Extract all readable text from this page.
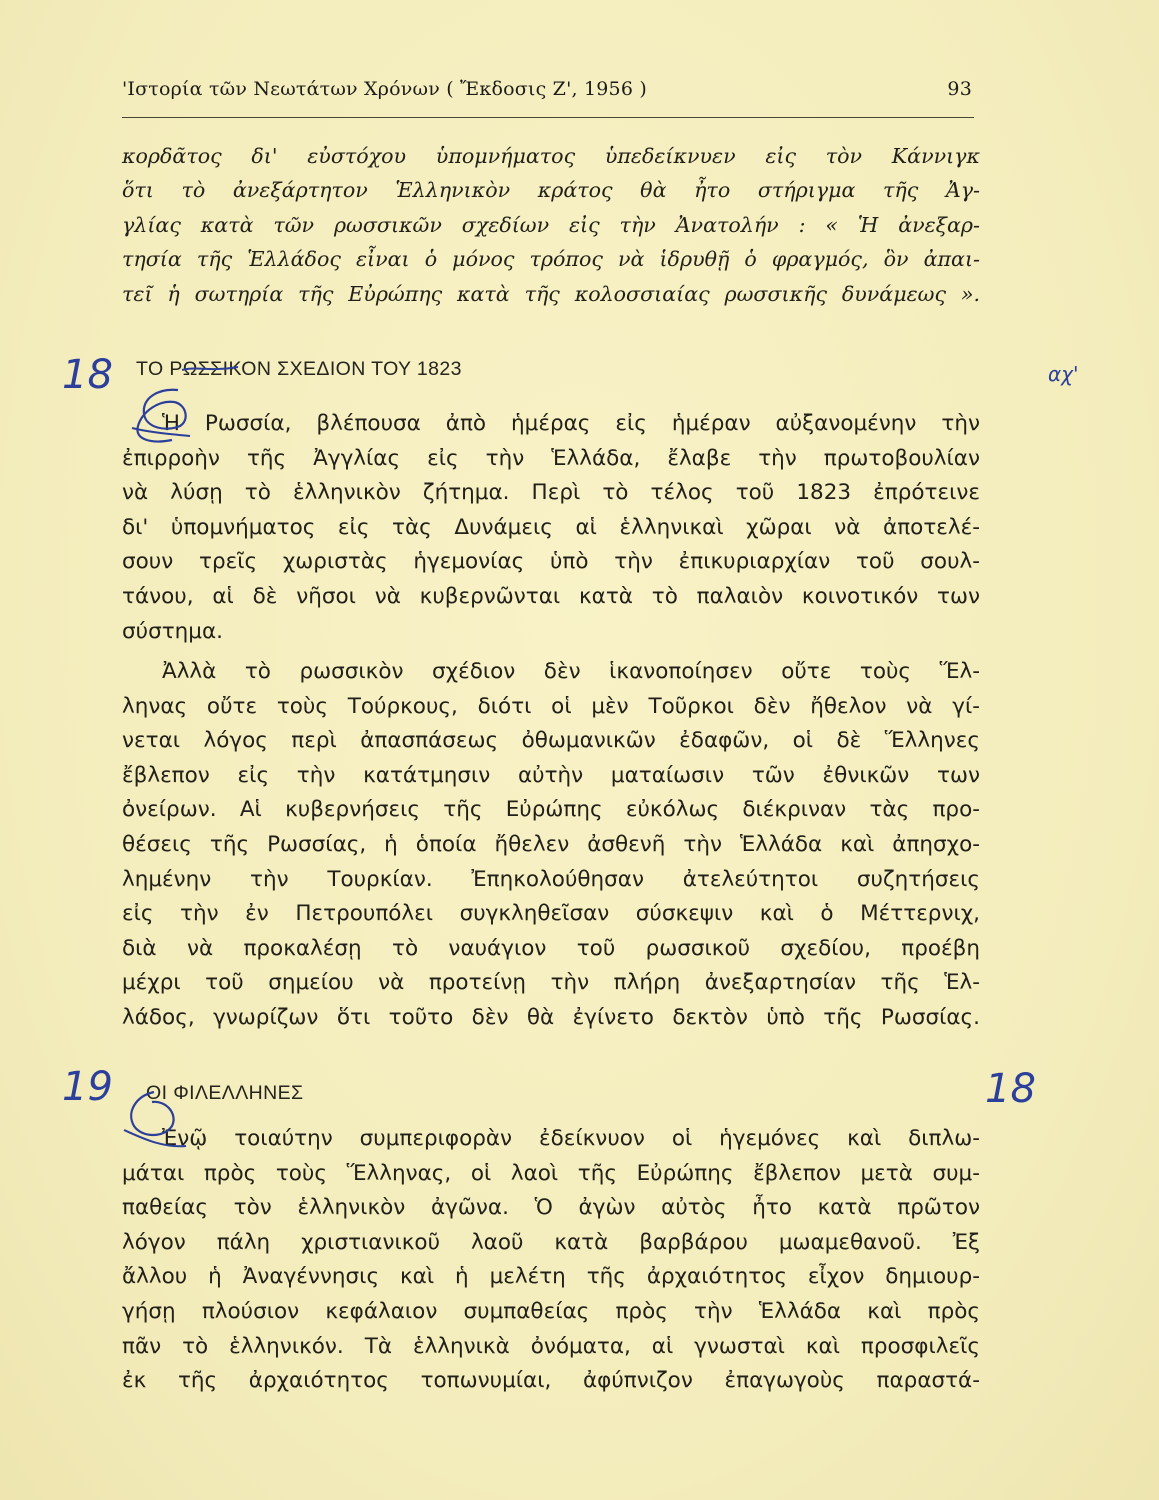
'Ιστορία τῶν Νεωτάτων Χρόνων ( Ἔκδοσις Ζ', 1956 )	93
κορδᾶτος δι' εὐστόχου ὑπομνήματος ὑπεδείκνυεν εἰς τὸν Κάννιγκ
ὅτι τὸ ἀνεξάρτητον Ἑλληνικὸν κράτος θὰ ἦτο στήριγμα τῆς Ἀγ-
γλίας κατὰ τῶν ρωσσικῶν σχεδίων εἰς τὴν Ἀνατολήν : « Ἡ ἀνεξαρ-
τησία τῆς Ἑλλάδος εἶναι ὁ μόνος τρόπος νὰ ἱδρυθῇ ὁ φραγμός, ὃν ἀπαι-
τεῖ ἡ σωτηρία τῆς Εὐρώπης κατὰ τῆς κολοσσιαίας ρωσσικῆς δυνάμεως ».
ΤΟ ΡΩΣΣΙΚΟΝ ΣΧΕΔΙΟΝ ΤΟΥ 1823
Ἡ Ρωσσία, βλέπουσα ἀπὸ ἡμέρας εἰς ἡμέραν αὐξανομένην τὴν
ἐπιρροὴν τῆς Ἀγγλίας εἰς τὴν Ἑλλάδα, ἔλαβε τὴν πρωτοβουλίαν
νὰ λύσῃ τὸ ἑλληνικὸν ζήτημα. Περὶ τὸ τέλος τοῦ 1823 ἐπρότεινε
δι' ὑπομνήματος εἰς τὰς Δυνάμεις αἱ ἑλληνικαὶ χῶραι νὰ ἀποτελέ-
σουν τρεῖς χωριστὰς ἡγεμονίας ὑπὸ τὴν ἐπικυριαρχίαν τοῦ σουλ-
τάνου, αἱ δὲ νῆσοι νὰ κυβερνῶνται κατὰ τὸ παλαιὸν κοινοτικόν των
σύστημα.
Ἀλλὰ τὸ ρωσσικὸν σχέδιον δὲν ἱκανοποίησεν οὔτε τοὺς Ἕλ-
ληνας οὔτε τοὺς Τούρκους, διότι οἱ μὲν Τοῦρκοι δὲν ἤθελον νὰ γί-
νεται λόγος περὶ ἀπασπάσεως ὀθωμανικῶν ἐδαφῶν, οἱ δὲ Ἕλληνες
ἔβλεπον εἰς τὴν κατάτμησιν αὐτὴν ματαίωσιν τῶν ἐθνικῶν των
ὀνείρων. Αἱ κυβερνήσεις τῆς Εὐρώπης εὐκόλως διέκριναν τὰς προ-
θέσεις τῆς Ρωσσίας, ἡ ὁποία ἤθελεν ἀσθενῆ τὴν Ἑλλάδα καὶ ἀπησχο-
λημένην τὴν Τουρκίαν. Ἐπηκολούθησαν ἀτελεύτητοι συζητήσεις
εἰς τὴν ἐν Πετρουπόλει συγκληθεῖσαν σύσκεψιν καὶ ὁ Μέττερνιχ,
διὰ νὰ προκαλέσῃ τὸ ναυάγιον τοῦ ρωσσικοῦ σχεδίου, προέβη
μέχρι τοῦ σημείου νὰ προτείνῃ τὴν πλήρη ἀνεξαρτησίαν τῆς Ἑλ-
λάδος, γνωρίζων ὅτι τοῦτο δὲν θὰ ἐγίνετο δεκτὸν ὑπὸ τῆς Ρωσσίας.
ΟΙ ΦΙΛΕΛΛΗΝΕΣ
Ἐνῷ τοιαύτην συμπεριφορὰν ἐδείκνυον οἱ ἡγεμόνες καὶ διπλω-
μάται πρὸς τοὺς Ἕλληνας, οἱ λαοὶ τῆς Εὐρώπης ἔβλεπον μετὰ συμ-
παθείας τὸν ἑλληνικὸν ἀγῶνα. Ὁ ἀγὼν αὐτὸς ἦτο κατὰ πρῶτον
λόγον πάλη χριστιανικοῦ λαοῦ κατὰ βαρβάρου μωαμεθανοῦ. Ἐξ
ἄλλου ἡ Ἀναγέννησις καὶ ἡ μελέτη τῆς ἀρχαιότητος εἶχον δημιουρ-
γήσῃ πλούσιον κεφάλαιον συμπαθείας πρὸς τὴν Ἑλλάδα καὶ πρὸς
πᾶν τὸ ἑλληνικόν. Τὰ ἑλληνικὰ ὀνόματα, αἱ γνωσταὶ καὶ προσφιλεῖς
ἐκ τῆς ἀρχαιότητος τοπωνυμίαι, ἀφύπνιζον ἐπαγωγοὺς παραστά-
18	αχ'
19	18
